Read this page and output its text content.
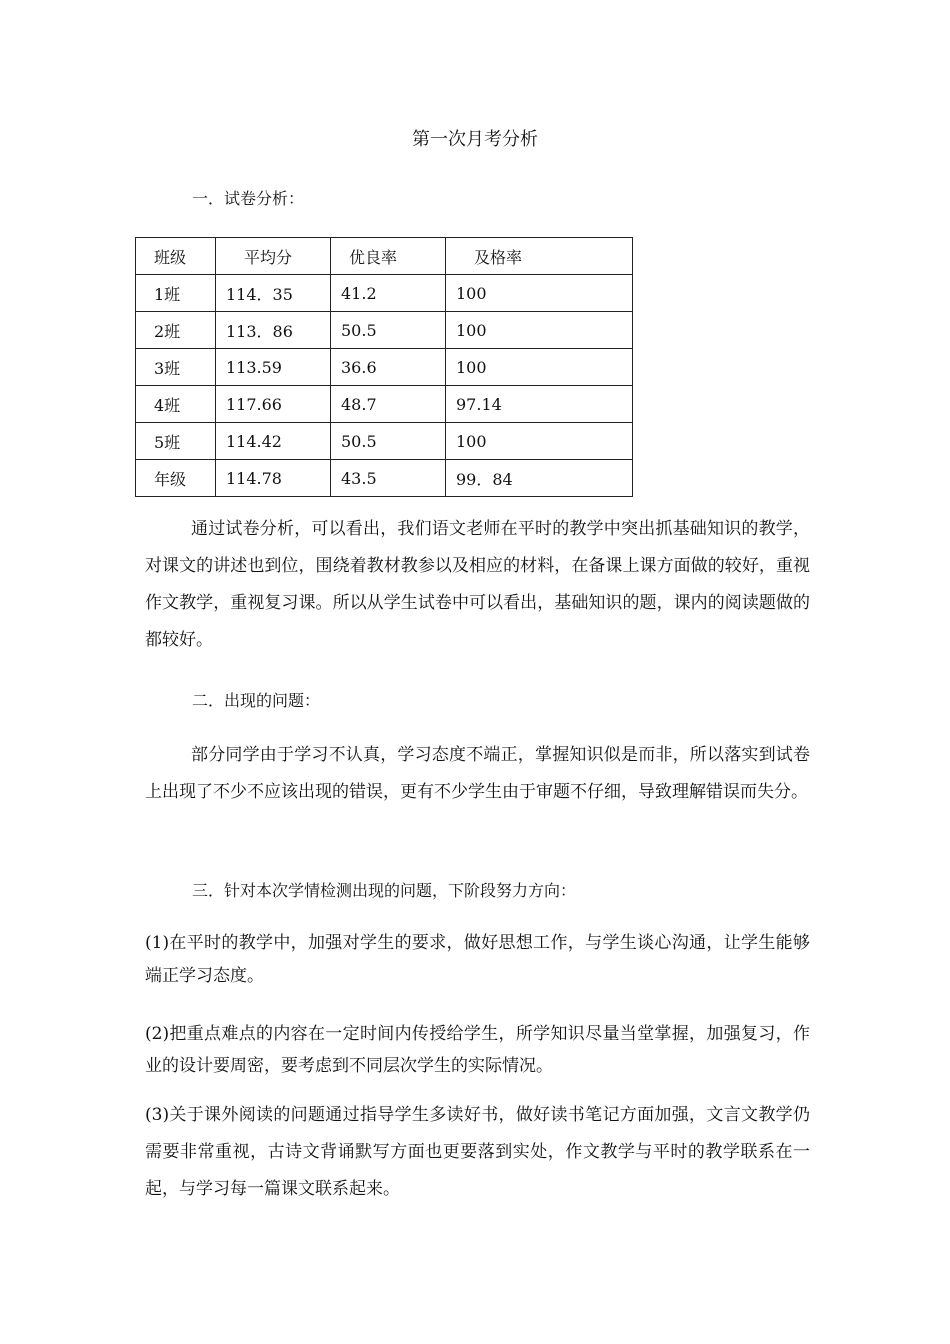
第一次月考分析
一．试卷分析：
班级	平均分	优良率	及格率
1班	114．35	41.2	100
2班	113．86	50.5	100
3班	113.59	36.6	100
4班	117.66	48.7	97.14
5班	114.42	50.5	100
年级	114.78	43.5	99．84
通过试卷分析，可以看出，我们语文老师在平时的教学中突出抓基础知识的教学，对课文的讲述也到位，围绕着教材教参以及相应的材料，在备课上课方面做的较好，重视作文教学，重视复习课。所以从学生试卷中可以看出，基础知识的题，课内的阅读题做的都较好。
二．出现的问题：
部分同学由于学习不认真，学习态度不端正，掌握知识似是而非，所以落实到试卷上出现了不少不应该出现的错误，更有不少学生由于审题不仔细，导致理解错误而失分。
三．针对本次学情检测出现的问题，下阶段努力方向：
(1)在平时的教学中，加强对学生的要求，做好思想工作，与学生谈心沟通，让学生能够端正学习态度。
(2)把重点难点的内容在一定时间内传授给学生，所学知识尽量当堂掌握，加强复习，作业的设计要周密，要考虑到不同层次学生的实际情况。
(3)关于课外阅读的问题通过指导学生多读好书，做好读书笔记方面加强，文言文教学仍需要非常重视，古诗文背诵默写方面也更要落到实处，作文教学与平时的教学联系在一起，与学习每一篇课文联系起来。
